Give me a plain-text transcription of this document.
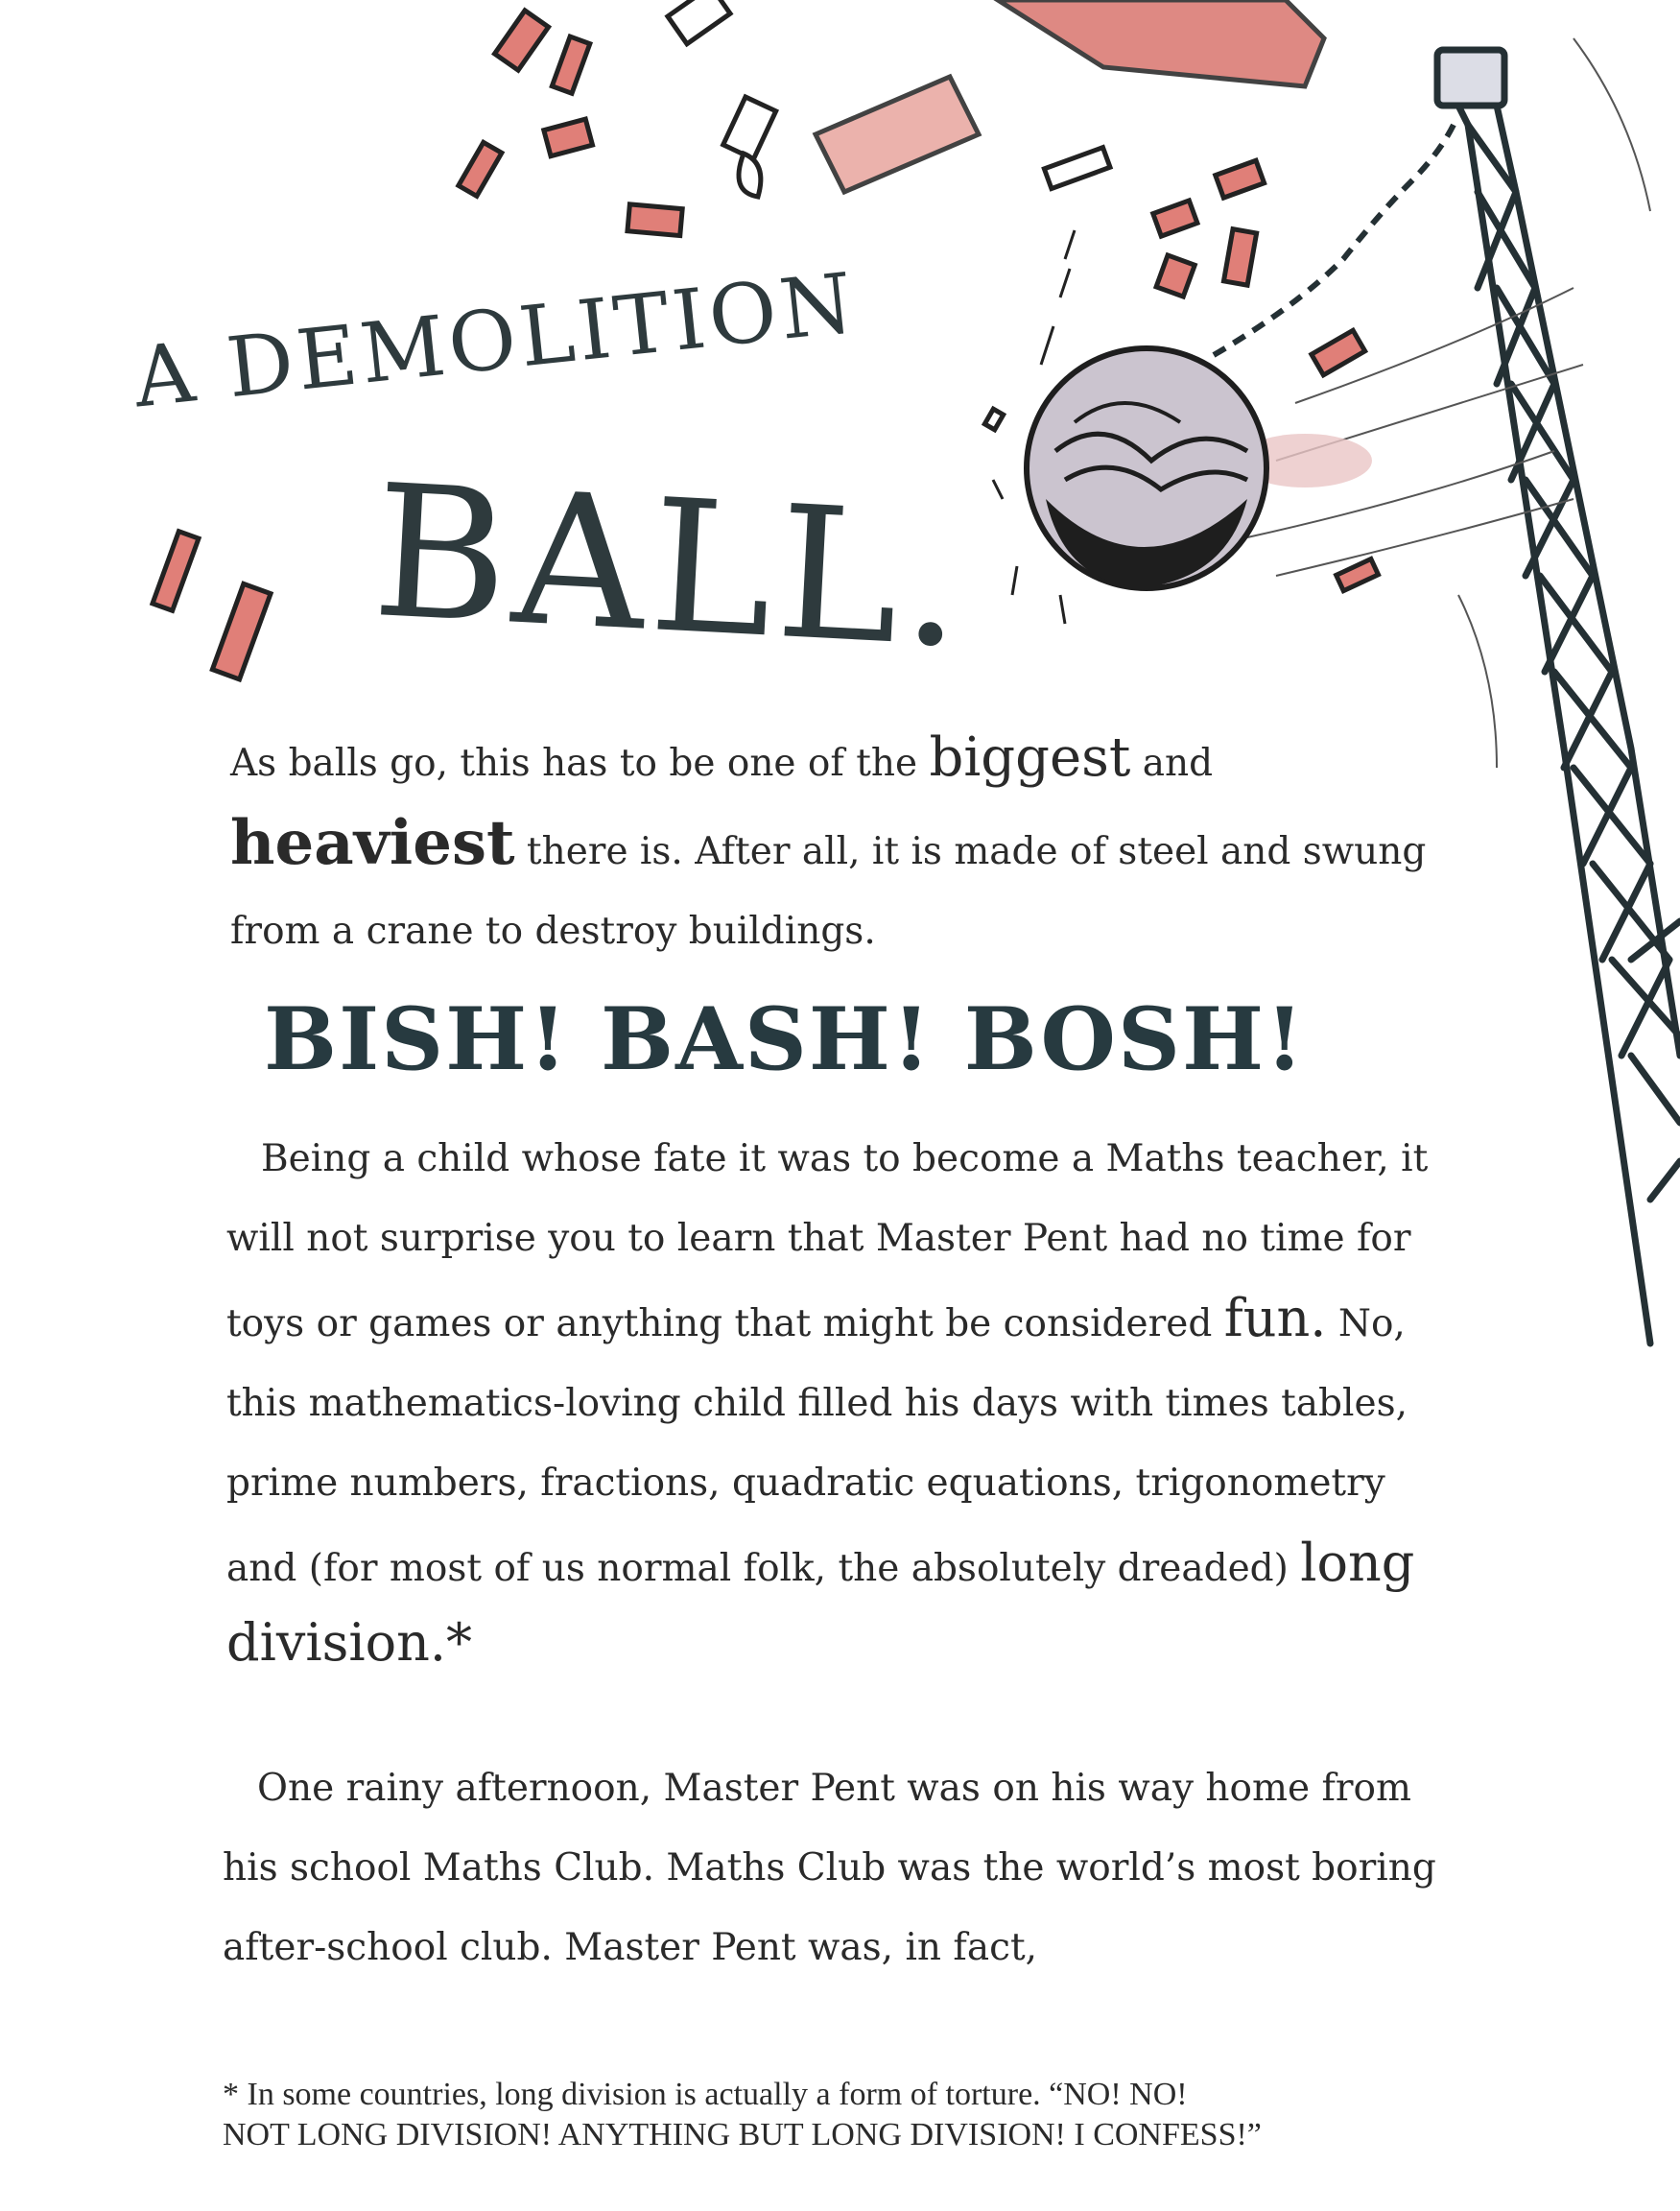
A DEMOLITION
BALL.

As balls go, this has to be one of the biggest and
heaviest there is. After all, it is made of steel and swung from a crane to destroy buildings.

BISH! BASH! BOSH!

Being a child whose fate it was to become a Maths teacher, it will not surprise you to learn that Master Pent had no time for toys or games or anything that might be considered fun. No, this mathematics-loving child filled his days with times tables, prime numbers, fractions, quadratic equations, trigonometry and (for most of us normal folk, the absolutely dreaded) long
division.*

One rainy afternoon, Master Pent was on his way home from his school Maths Club. Maths Club was the world’s most boring after-school club. Master Pent was, in fact,

* In some countries, long division is actually a form of torture. “NO! NO!
NOT LONG DIVISION! ANYTHING BUT LONG DIVISION! I CONFESS!”
